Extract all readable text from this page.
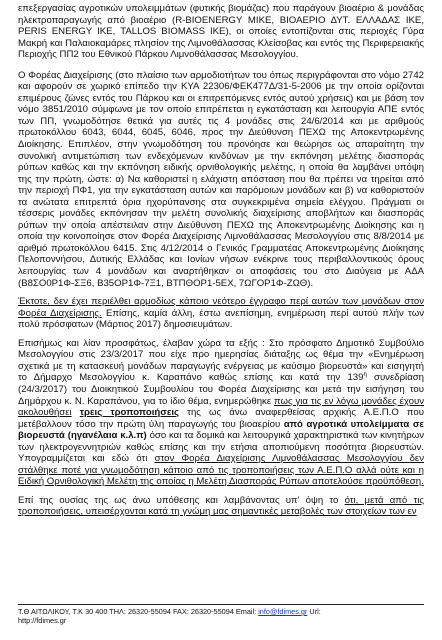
επεξεργασίας αγροτικών υπολειμμάτων (φυτικής βιομάζας) που παράγουν βιοαέριο & μονάδας ηλεκτροπαραγωγής από βιοαέριο (R-BIOENERGY ΜΙΚΕ, ΒΙΟΑΕΡΙΟ ΔΥΤ. ΕΛΛΑΔΑΣ ΙΚΕ, PERIS ENERGY ΙΚΕ, TALLOS BIOMASS ΙΚΕ), οι οποίες εντοπίζονται στις περιοχές Γύρα Μακρή και Παλαιοκαμάρες πλησίον της Λιμνοθάλασσας Κλείσοβας και εντός της Περιφερειακής Περιοχής ΠΠ2 του Εθνικού Πάρκου Λιμνοθάλασσας Μεσολογγίου.

Ο Φορέας Διαχείρισης (στο πλαίσιο των αρμοδιοτήτων του όπως περιγράφονται στο νόμο 2742 και αφορούν σε χωρικό επίπεδο την ΚΥΑ 22306/ΦΕΚ477Δ/31-5-2006 με την οποία ορίζονται επιμέρους ζώνες εντός του Πάρκου και οι επιτρεπόμενες εντός αυτού χρήσεις) και με βάση τον νόμο 3851/2010 σύμφωνα με τον οποίο επιτρέπεται η εγκατάσταση και λειτουργία ΑΠΕ εντός των ΠΠ, γνωμοδότησε θετικά για αυτές τις 4 μονάδες στις 24/6/2014 και με αριθμούς πρωτοκόλλου 6043, 6044, 6045, 6046, προς την Διεύθυνση ΠΕΧΩ της Αποκεντρωμένης Διοίκησης. Επιπλέον, στην γνωμοδότηση του προνόησε και θεώρησε ως απαραίτητη την συνολική αντιμετώπιση των ενδεχόμενων κινδύνων με την εκπόνηση μελέτης διασποράς ρύπων καθώς και την εκπόνηση ειδικής ορνιθολογικής μελέτης, η οποία θα λαμβάνει υπόψη της την πρώτη, ώστε: α) Να καθοριστεί η ελάχιστη απόσταση που θα πρέπει να τηρείται από την περιοχή ΠΦ1, για την εγκατάσταση αυτών και παρόμοιων μονάδων και β) να καθοριστούν τα ανώτατα επιτρεπτά όρια ηχορύπανσης στα συγκεκριμένα σημεία ελέγχου. Πράγματι οι τέσσερις μονάδες εκπόνησαν την μελέτη συνολικής διαχείρισης αποβλήτων και διασποράς ρύπων την οποία απέστειλαν στην Διεύθυνση ΠΕΧΩ της Αποκεντρωμένης Διοίκησης και η οποία την κοινοποίησε στον Φορέα Διαχείρισης Λιμνοθάλασσας Μεσολογγίου στις 8/8/2014 με αριθμό πρωτοκόλλου 6415. Στις 4/12/2014 ο Γενικός Γραμματέας Αποκεντρωμένης Διοίκησης Πελοποννήσου, Δυτικής Ελλάδας και Ιονίων νήσων ενέκρινε τους περιβαλλοντικούς όρους λειτουργίας των 4 μονάδων και αναρτήθηκαν οι αποφάσεις του στο Διαύγεια με ΑΔΑ (Β8ΣΟ0Ρ1Φ-ΣΞ6, Β35ΟΡ1Φ-7Ξ1, ΒΤΠΘΟΡ1-5ΕΧ, 7ΩΓΟΡ1Φ-ΖΩΘ).

Έκτοτε, δεν έχει περιέλθει αρμοδίως κάποιο νεότερο έγγραφο περί αυτών των μονάδων στον Φορέα Διαχείρισης. Επίσης, καμία άλλη, έστω ανεπίσημη, ενημέρωση περί αυτού πλήν των πολύ πρόσφατων (Μάρτιος 2017) δημοσιευμάτων.

Επισήμως και λίαν προσφάτως, έλαβαν χώρα τα εξής : Στο πρόσφατο Δημοτικό Συμβούλιο Μεσολογγίου στις 23/3/2017 που είχε προ ημερησίας διάταξης ως θέμα την «Ενημέρωση σχετικά με τη κατασκευή μονάδων παραγωγής ενέργειας με καύσιμο βιορευστά» και εισηγητή το Δήμαρχο Μεσολογγίου κ. Καραπάνο καθώς επίσης και κατά την $139^\eta$ συνεδρίαση (24/3/2017) του Διοικητικού Συμβουλίου του Φορέα Διαχείρισης και μετά την εισήγηση του Δημάρχου κ. Ν. Καραπάνου, για το ίδιο θέμα, ενημερώθηκε πως για τις εν λόγω μονάδες έχουν ακολουθήσει τρεις τροποποιήσεις της ως άνω αναφερθείσας αρχικής Α.Ε.Π.Ο που μετέβαλλουν τόσο την πρώτη ύλη παραγωγής του βιοαερίου από αγροτικά υπολείμματα σε βιορευστά (ηγανέλαια κ.λ.π) όσο και τα δομικά και λειτουργικά χαρακτηριστικά των κινητήρων των ηλεκτρογεννητριών καθώς επίσης και την ετήσια αποπιούμενη ποσότητα βιορευστών. Υπογραμμίζεται και εδώ ότι στον Φορέα Διαχείρισης Λιμνοθάλασσας Μεσολογγίου δεν στάλθηκε ποτέ για γνωμοδότηση κάποιο από τις τροποποιήσεις των Α.Ε.Π.Ο αλλά ούτε και η Ειδική Ορνιθολογική Μελέτη της οποίας η Μελέτη Διασποράς Ρύπων αποτελούσε προϋπόθεση.

Επί της ουσίας της ως άνω υπόθεσης και λαμβάνοντας υπ' όψη το ότι, μετά από τις τροποποιήσεις, υπεισέρχονται κατά τη γνώμη μας σημαντικές μεταβολές των στοιχείων των εν

Τ.Θ ΑΙΤΩΛΙΚΟΥ, Τ.Κ 30 400 ΤΗΛ: 26320-55094 FAX: 26320-55094 Email: info@fdimes.gr Url:
http://fdimes.gr
